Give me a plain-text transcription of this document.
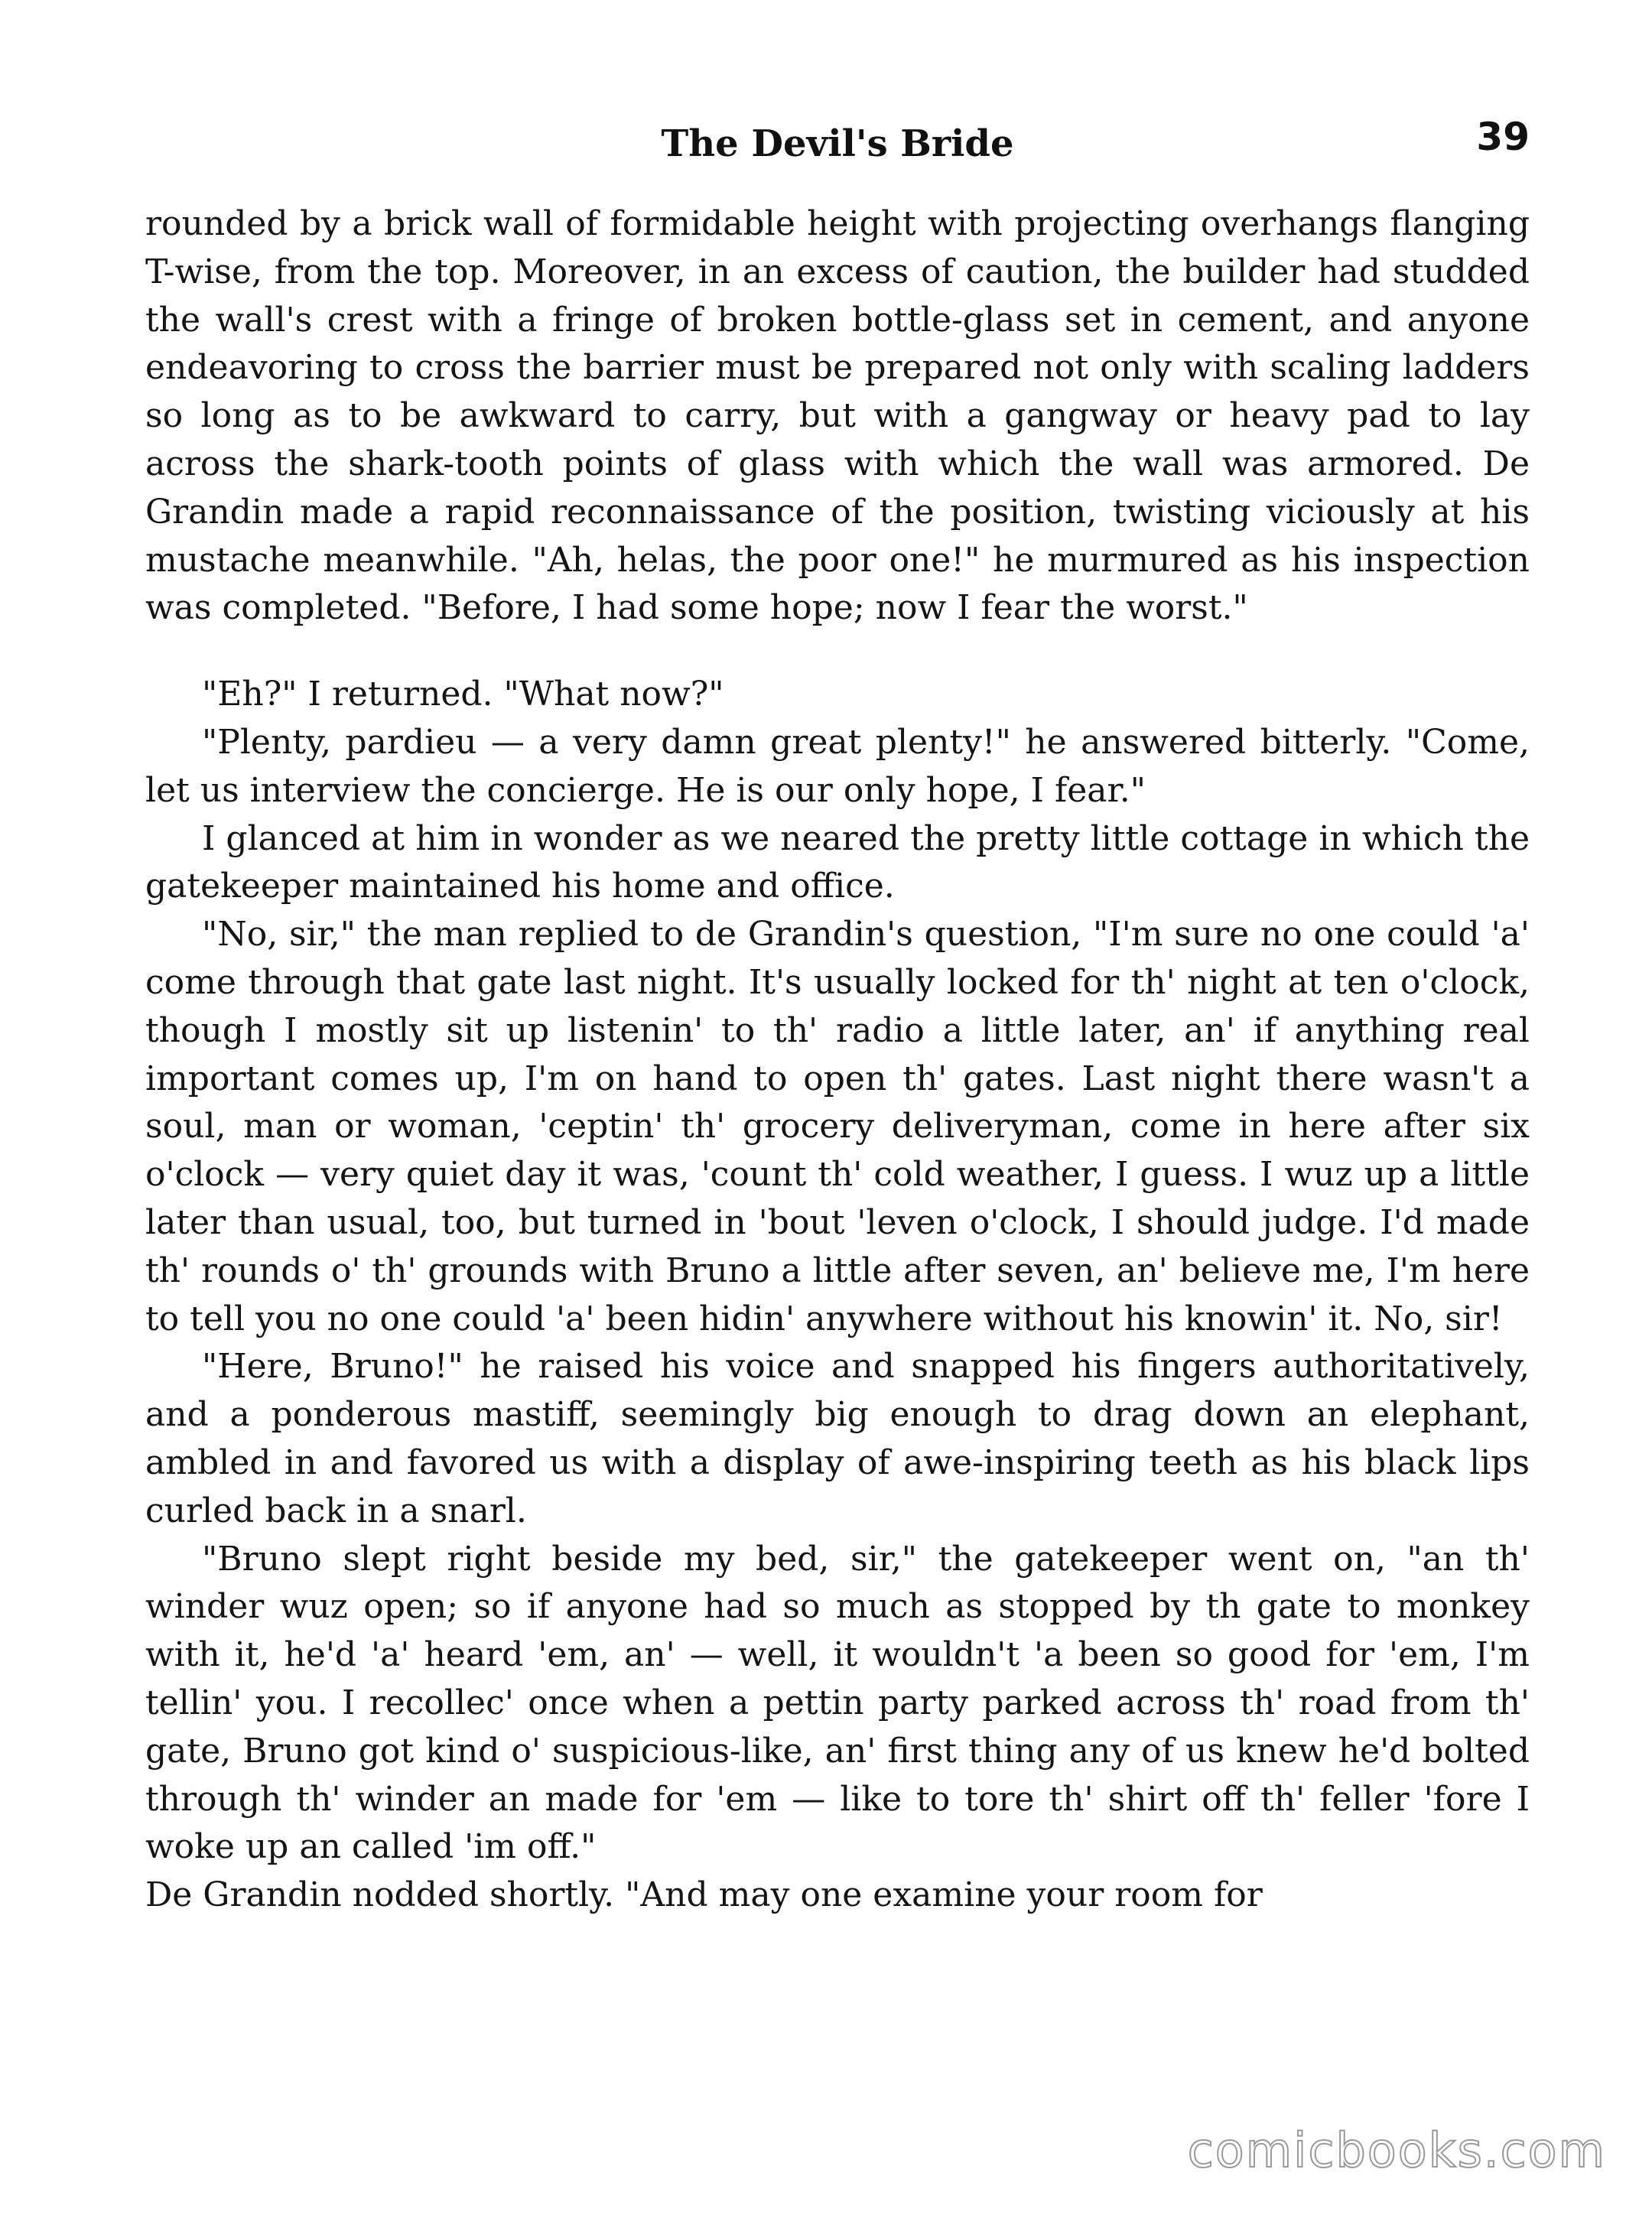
The Devil's Bride	39

rounded by a brick wall of formidable height with projecting overhangs flanging T-wise, from the top. Moreover, in an excess of caution, the builder had studded the wall's crest with a fringe of broken bottle-glass set in cement, and anyone endeavoring to cross the barrier must be prepared not only with scaling ladders so long as to be awkward to carry, but with a gangway or heavy pad to lay across the shark-tooth points of glass with which the wall was armored. De Grandin made a rapid reconnaissance of the position, twisting viciously at his mustache meanwhile. "Ah, helas, the poor one!" he murmured as his inspection was completed. "Before, I had some hope; now I fear the worst."

"Eh?" I returned. "What now?"

"Plenty, pardieu — a very damn great plenty!" he answered bitterly. "Come, let us interview the concierge. He is our only hope, I fear."

I glanced at him in wonder as we neared the pretty little cottage in which the gatekeeper maintained his home and office.

"No, sir," the man replied to de Grandin's question, "I'm sure no one could 'a' come through that gate last night. It's usually locked for th' night at ten o'clock, though I mostly sit up listenin' to th' radio a little later, an' if anything real important comes up, I'm on hand to open th' gates. Last night there wasn't a soul, man or woman, 'ceptin' th' grocery deliveryman, come in here after six o'clock — very quiet day it was, 'count th' cold weather, I guess. I wuz up a little later than usual, too, but turned in 'bout 'leven o'clock, I should judge. I'd made th' rounds o' th' grounds with Bruno a little after seven, an' believe me, I'm here to tell you no one could 'a' been hidin' anywhere without his knowin' it. No, sir!

"Here, Bruno!" he raised his voice and snapped his fingers authoritatively, and a ponderous mastiff, seemingly big enough to drag down an elephant, ambled in and favored us with a display of awe-inspiring teeth as his black lips curled back in a snarl.

"Bruno slept right beside my bed, sir," the gatekeeper went on, "an th' winder wuz open; so if anyone had so much as stopped by th gate to monkey with it, he'd 'a' heard 'em, an' — well, it wouldn't 'a been so good for 'em, I'm tellin' you. I recollec' once when a pettin party parked across th' road from th' gate, Bruno got kind o' suspicious-like, an' first thing any of us knew he'd bolted through th' winder an made for 'em — like to tore th' shirt off th' feller 'fore I woke up an called 'im off."

De Grandin nodded shortly. "And may one examine your room for

comicbooks.com
